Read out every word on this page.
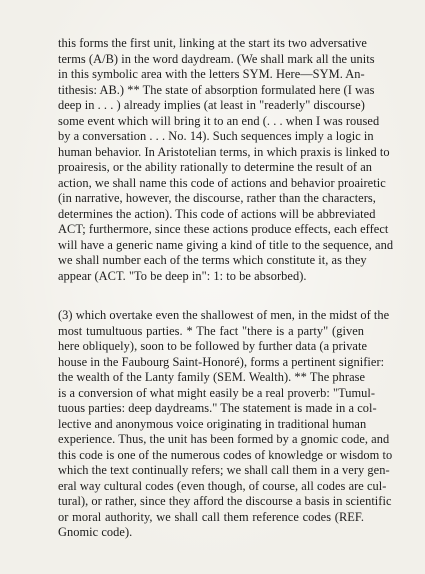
this forms the first unit, linking at the start its two adversative
terms (A/B) in the word daydream. (We shall mark all the units
in this symbolic area with the letters SYM. Here—SYM. An-
tithesis: AB.) ** The state of absorption formulated here (I was
deep in . . . ) already implies (at least in "readerly" discourse)
some event which will bring it to an end (. . . when I was roused
by a conversation . . . No. 14). Such sequences imply a logic in
human behavior. In Aristotelian terms, in which praxis is linked to
proairesis, or the ability rationally to determine the result of an
action, we shall name this code of actions and behavior proairetic
(in narrative, however, the discourse, rather than the characters,
determines the action). This code of actions will be abbreviated
ACT; furthermore, since these actions produce effects, each effect
will have a generic name giving a kind of title to the sequence, and
we shall number each of the terms which constitute it, as they
appear (ACT. "To be deep in": 1: to be absorbed).

(3) which overtake even the shallowest of men, in the midst of the
most tumultuous parties. * The fact "there is a party" (given
here obliquely), soon to be followed by further data (a private
house in the Faubourg Saint-Honoré), forms a pertinent signifier:
the wealth of the Lanty family (SEM. Wealth). ** The phrase
is a conversion of what might easily be a real proverb: "Tumul-
tuous parties: deep daydreams." The statement is made in a col-
lective and anonymous voice originating in traditional human
experience. Thus, the unit has been formed by a gnomic code, and
this code is one of the numerous codes of knowledge or wisdom to
which the text continually refers; we shall call them in a very gen-
eral way cultural codes (even though, of course, all codes are cul-
tural), or rather, since they afford the discourse a basis in scientific
or moral authority, we shall call them reference codes (REF.
Gnomic code).
